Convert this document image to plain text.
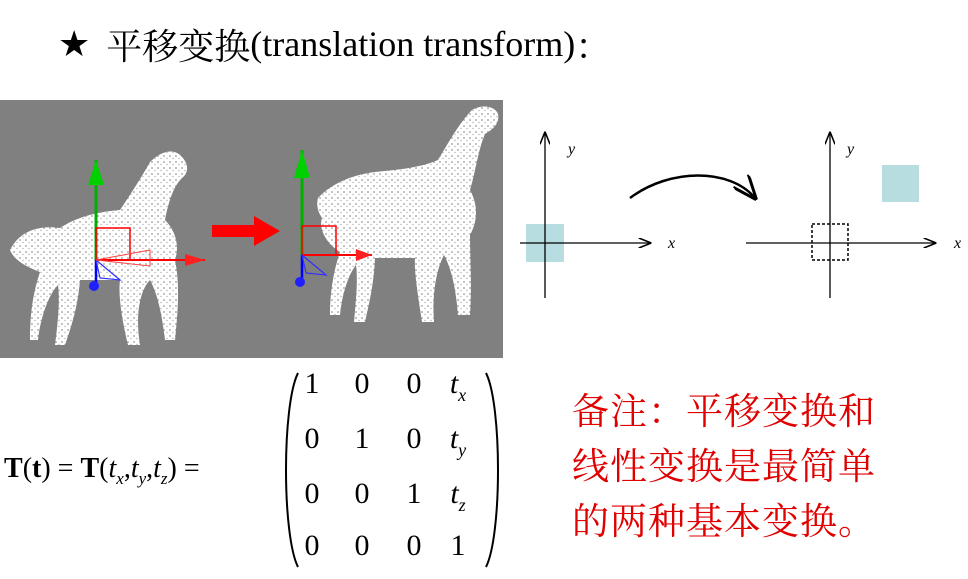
★ 平移变换 (translation transform) ：
x
y
x
y
$T(t) = T(t_x,t_y,t_z)$ =
1 0 0 $t_x$
0 1 0 $t_y$
0 0 1 $t_z$
0 0 0 1
备注：平移变换和
线性变换是最简单
的两种基本变换。
